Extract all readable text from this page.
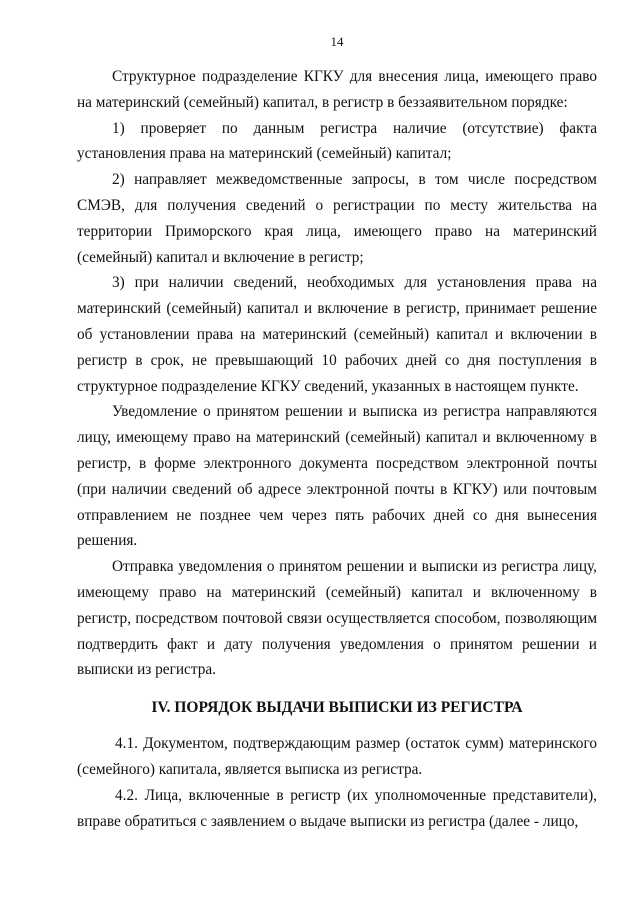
14

Структурное подразделение КГКУ для внесения лица, имеющего право на материнский (семейный) капитал, в регистр в беззаявительном порядке:

1) проверяет по данным регистра наличие (отсутствие) факта установления права на материнский (семейный) капитал;

2) направляет межведомственные запросы, в том числе посредством СМЭВ, для получения сведений о регистрации по месту жительства на территории Приморского края лица, имеющего право на материнский (семейный) капитал и включение в регистр;

3) при наличии сведений, необходимых для установления права на материнский (семейный) капитал и включение в регистр, принимает решение об установлении права на материнский (семейный) капитал и включении в регистр в срок, не превышающий 10 рабочих дней со дня поступления в структурное подразделение КГКУ сведений, указанных в настоящем пункте.

Уведомление о принятом решении и выписка из регистра направляются лицу, имеющему право на материнский (семейный) капитал и включенному в регистр, в форме электронного документа посредством электронной почты (при наличии сведений об адресе электронной почты в КГКУ) или почтовым отправлением не позднее чем через пять рабочих дней со дня вынесения решения.

Отправка уведомления о принятом решении и выписки из регистра лицу, имеющему право на материнский (семейный) капитал и включенному в регистр, посредством почтовой связи осуществляется способом, позволяющим подтвердить факт и дату получения уведомления о принятом решении и выписки из регистра.

IV. ПОРЯДОК ВЫДАЧИ ВЫПИСКИ ИЗ РЕГИСТРА

4.1. Документом, подтверждающим размер (остаток сумм) материнского (семейного) капитала, является выписка из регистра.

4.2. Лица, включенные в регистр (их уполномоченные представители), вправе обратиться с заявлением о выдаче выписки из регистра (далее - лицо,
